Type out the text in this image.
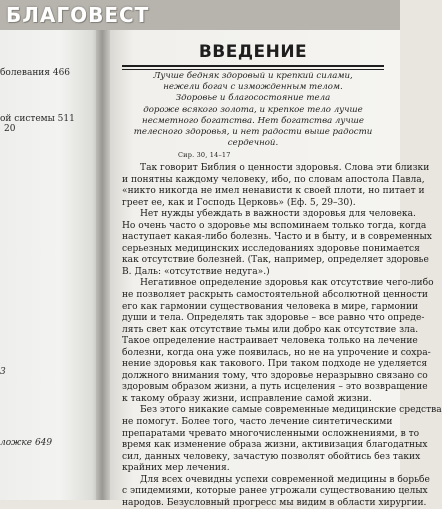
болевания 466
ой системы 511
20
3
ложке 649
БЛАГОВЕСТ
ВВЕДЕНИЕ
Лучше бедняк здоровый и крепкий силами,
нежели богач с изможденным телом.
Здоровье и благосостояние тела
дороже всякого золота, и крепкое тело лучше
несметного богатства. Нет богатства лучше
телесного здоровья, и нет радости выше радости
сердечной.
Сир. 30, 14–17
Так говорит Библия о ценности здоровья. Слова эти близки
и понятны каждому человеку, ибо, по словам апостола Павла,
«никто никогда не имел ненависти к своей плоти, но питает и
греет ее, как и Господь Церковь» (Еф. 5, 29–30).
Нет нужды убеждать в важности здоровья для человека.
Но очень часто о здоровье мы вспоминаем только тогда, когда
наступает какая-либо болезнь. Часто и в быту, и в современных
серьезных медицинских исследованиях здоровье понимается
как отсутствие болезней. (Так, например, определяет здоровье
В. Даль: «отсутствие недуга».)
Негативное определение здоровья как отсутствие чего-либо
не позволяет раскрыть самостоятельной абсолютной ценности
его как гармонии существования человека в мире, гармонии
души и тела. Определять так здоровье – все равно что опреде-
лять свет как отсутствие тьмы или добро как отсутствие зла.
Такое определение настраивает человека только на лечение
болезни, когда она уже появилась, но не на упрочение и сохра-
нение здоровья как такового. При таком подходе не уделяется
должного внимания тому, что здоровье неразрывно связано со
здоровым образом жизни, а путь исцеления – это возвращение
к такому образу жизни, исправление самой жизни.
Без этого никакие самые современные медицинские средства
не помогут. Более того, часто лечение синтетическими
препаратами чревато многочисленными осложнениями, в то
время как изменение образа жизни, активизация благодатных
сил, данных человеку, зачастую позволят обойтись без таких
крайних мер лечения.
Для всех очевидны успехи современной медицины в борьбе
с эпидемиями, которые ранее угрожали существованию целых
народов. Безусловный прогресс мы видим в области хирургии.
